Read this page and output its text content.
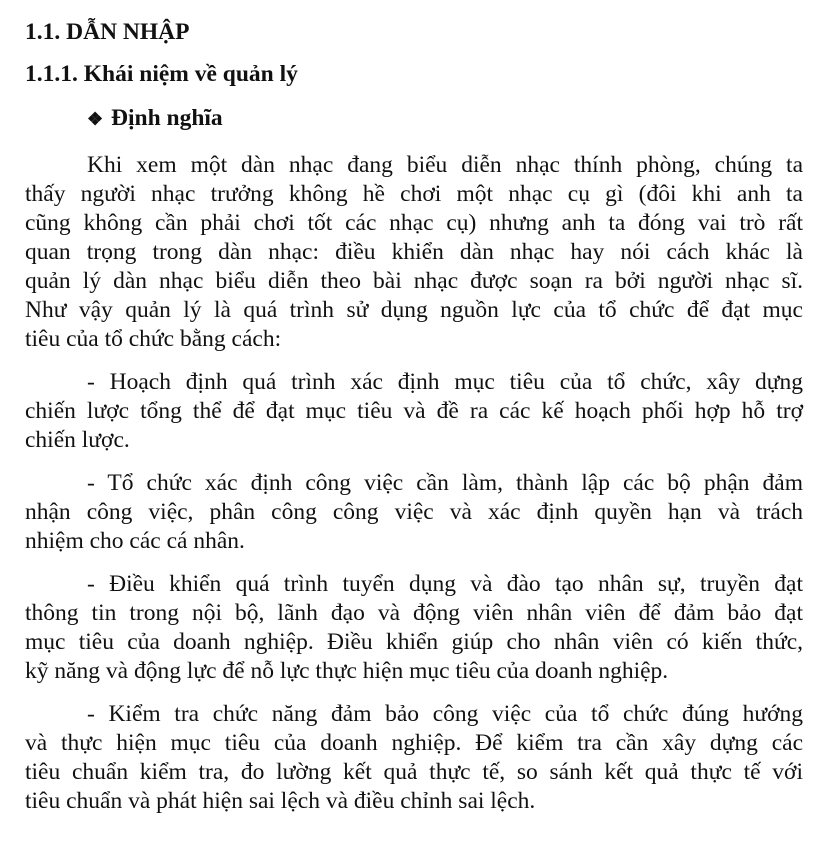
1.1. DẪN NHẬP
1.1.1. Khái niệm về quản lý
❖ Định nghĩa
Khi xem một dàn nhạc đang biểu diễn nhạc thính phòng, chúng ta
thấy người nhạc trưởng không hề chơi một nhạc cụ gì (đôi khi anh ta
cũng không cần phải chơi tốt các nhạc cụ) nhưng anh ta đóng vai trò rất
quan trọng trong dàn nhạc: điều khiển dàn nhạc hay nói cách khác là
quản lý dàn nhạc biểu diễn theo bài nhạc được soạn ra bởi người nhạc sĩ.
Như vậy quản lý là quá trình sử dụng nguồn lực của tổ chức để đạt mục
tiêu của tổ chức bằng cách:
- Hoạch định quá trình xác định mục tiêu của tổ chức, xây dựng
chiến lược tổng thể để đạt mục tiêu và đề ra các kế hoạch phối hợp hỗ trợ
chiến lược.
- Tổ chức xác định công việc cần làm, thành lập các bộ phận đảm
nhận công việc, phân công công việc và xác định quyền hạn và trách
nhiệm cho các cá nhân.
- Điều khiển quá trình tuyển dụng và đào tạo nhân sự, truyền đạt
thông tin trong nội bộ, lãnh đạo và động viên nhân viên để đảm bảo đạt
mục tiêu của doanh nghiệp. Điều khiển giúp cho nhân viên có kiến thức,
kỹ năng và động lực để nỗ lực thực hiện mục tiêu của doanh nghiệp.
- Kiểm tra chức năng đảm bảo công việc của tổ chức đúng hướng
và thực hiện mục tiêu của doanh nghiệp. Để kiểm tra cần xây dựng các
tiêu chuẩn kiểm tra, đo lường kết quả thực tế, so sánh kết quả thực tế với
tiêu chuẩn và phát hiện sai lệch và điều chỉnh sai lệch.
